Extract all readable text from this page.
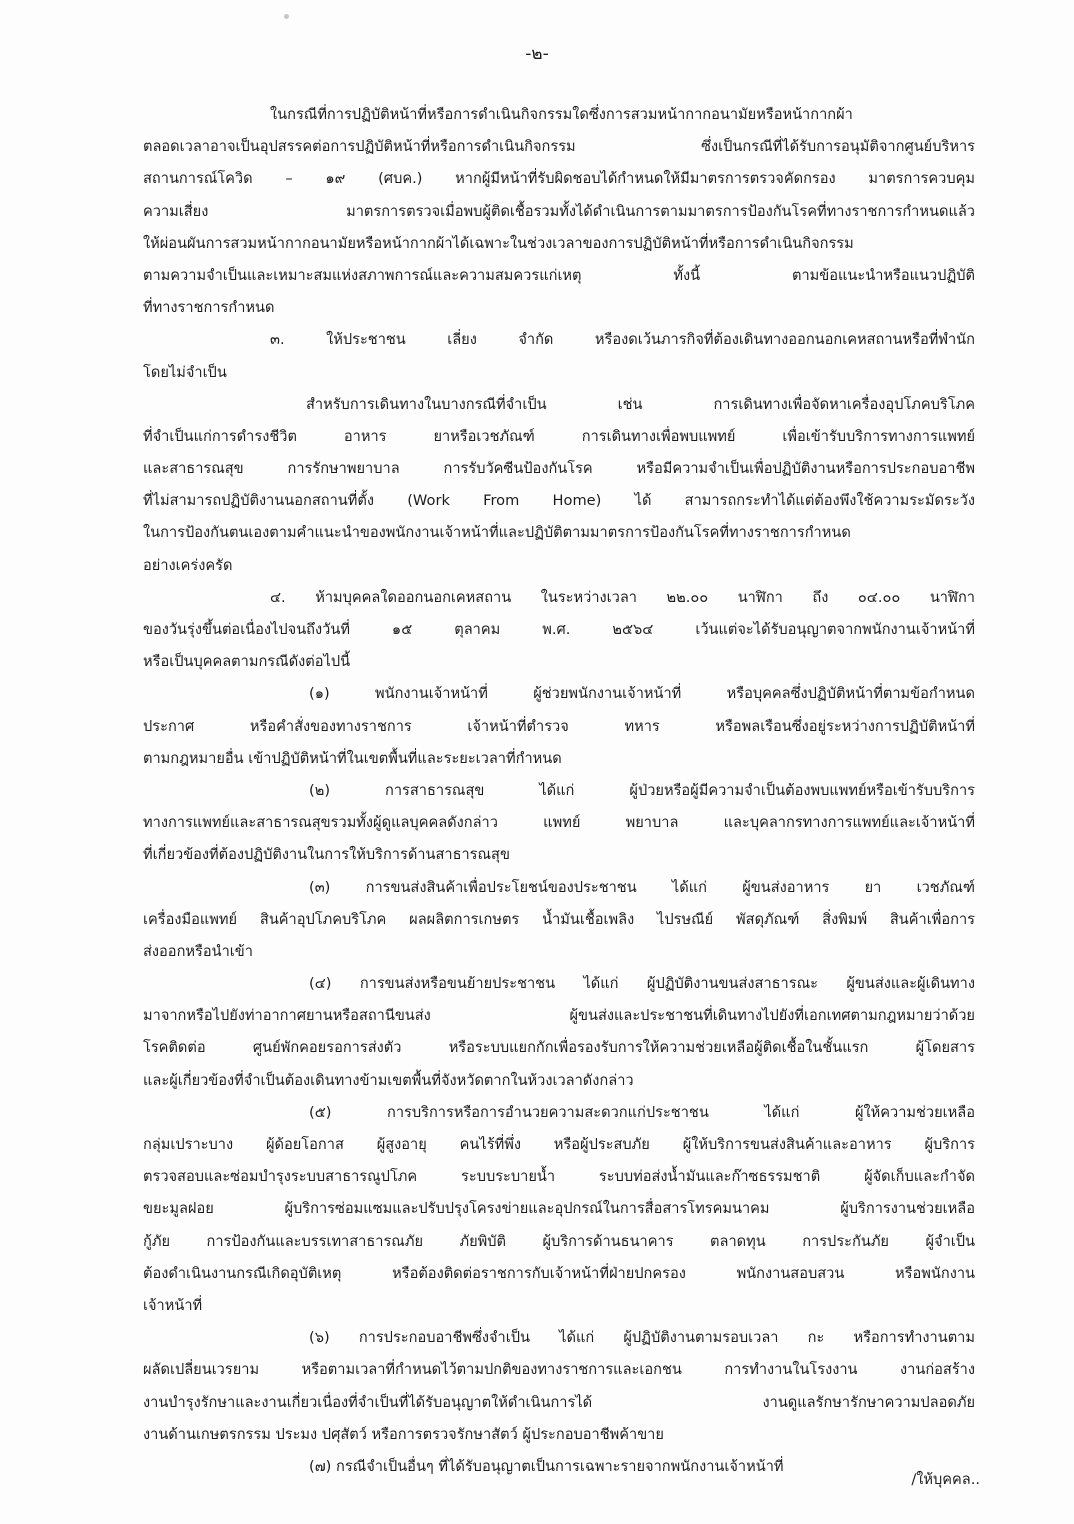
-๒-
ในกรณีที่การปฏิบัติหน้าที่หรือการดำเนินกิจกรรมใดซึ่งการสวมหน้ากากอนามัยหรือหน้ากากผ้า
ตลอดเวลาอาจเป็นอุปสรรคต่อการปฏิบัติหน้าที่หรือการดำเนินกิจกรรม ซึ่งเป็นกรณีที่ได้รับการอนุมัติจากศูนย์บริหาร
สถานการณ์โควิด – ๑๙ (ศบค.) หากผู้มีหน้าที่รับผิดชอบได้กำหนดให้มีมาตรการตรวจคัดกรอง มาตรการควบคุม
ความเสี่ยง มาตรการตรวจเมื่อพบผู้ติดเชื้อรวมทั้งได้ดำเนินการตามมาตรการป้องกันโรคที่ทางราชการกำหนดแล้ว
ให้ผ่อนผันการสวมหน้ากากอนามัยหรือหน้ากากผ้าได้เฉพาะในช่วงเวลาของการปฏิบัติหน้าที่หรือการดำเนินกิจกรรม
ตามความจำเป็นและเหมาะสมแห่งสภาพการณ์และความสมควรแก่เหตุ ทั้งนี้ ตามข้อแนะนำหรือแนวปฏิบัติ
ที่ทางราชการกำหนด
๓. ให้ประชาชน เลี่ยง จำกัด หรืองดเว้นภารกิจที่ต้องเดินทางออกนอกเคหสถานหรือที่พำนัก
โดยไม่จำเป็น
สำหรับการเดินทางในบางกรณีที่จำเป็น เช่น การเดินทางเพื่อจัดหาเครื่องอุปโภคบริโภค
ที่จำเป็นแก่การดำรงชีวิต อาหาร ยาหรือเวชภัณฑ์ การเดินทางเพื่อพบแพทย์ เพื่อเข้ารับบริการทางการแพทย์
และสาธารณสุข การรักษาพยาบาล การรับวัคซีนป้องกันโรค หรือมีความจำเป็นเพื่อปฏิบัติงานหรือการประกอบอาชีพ
ที่ไม่สามารถปฏิบัติงานนอกสถานที่ตั้ง (Work From Home) ได้ สามารถกระทำได้แต่ต้องพึงใช้ความระมัดระวัง
ในการป้องกันตนเองตามคำแนะนำของพนักงานเจ้าหน้าที่และปฏิบัติตามมาตรการป้องกันโรคที่ทางราชการกำหนด
อย่างเคร่งครัด
๔. ห้ามบุคคลใดออกนอกเคหสถาน ในระหว่างเวลา ๒๒.๐๐ นาฬิกา ถึง ๐๔.๐๐ นาฬิกา
ของวันรุ่งขึ้นต่อเนื่องไปจนถึงวันที่ ๑๕ ตุลาคม พ.ศ. ๒๕๖๔ เว้นแต่จะได้รับอนุญาตจากพนักงานเจ้าหน้าที่
หรือเป็นบุคคลตามกรณีดังต่อไปนี้
(๑) พนักงานเจ้าหน้าที่ ผู้ช่วยพนักงานเจ้าหน้าที่ หรือบุคคลซึ่งปฏิบัติหน้าที่ตามข้อกำหนด
ประกาศ หรือคำสั่งของทางราชการ เจ้าหน้าที่ตำรวจ ทหาร หรือพลเรือนซึ่งอยู่ระหว่างการปฏิบัติหน้าที่
ตามกฎหมายอื่น เข้าปฏิบัติหน้าที่ในเขตพื้นที่และระยะเวลาที่กำหนด
(๒) การสาธารณสุข ได้แก่ ผู้ป่วยหรือผู้มีความจำเป็นต้องพบแพทย์หรือเข้ารับบริการ
ทางการแพทย์และสาธารณสุขรวมทั้งผู้ดูแลบุคคลดังกล่าว แพทย์ พยาบาล และบุคลากรทางการแพทย์และเจ้าหน้าที่
ที่เกี่ยวข้องที่ต้องปฏิบัติงานในการให้บริการด้านสาธารณสุข
(๓) การขนส่งสินค้าเพื่อประโยชน์ของประชาชน ได้แก่ ผู้ขนส่งอาหาร ยา เวชภัณฑ์
เครื่องมือแพทย์ สินค้าอุปโภคบริโภค ผลผลิตการเกษตร น้ำมันเชื้อเพลิง ไปรษณีย์ พัสดุภัณฑ์ สิ่งพิมพ์ สินค้าเพื่อการ
ส่งออกหรือนำเข้า
(๔) การขนส่งหรือขนย้ายประชาชน ได้แก่ ผู้ปฏิบัติงานขนส่งสาธารณะ ผู้ขนส่งและผู้เดินทาง
มาจากหรือไปยังท่าอากาศยานหรือสถานีขนส่ง ผู้ขนส่งและประชาชนที่เดินทางไปยังที่เอกเทศตามกฎหมายว่าด้วย
โรคติดต่อ ศูนย์พักคอยรอการส่งตัว หรือระบบแยกกักเพื่อรองรับการให้ความช่วยเหลือผู้ติดเชื้อในชั้นแรก ผู้โดยสาร
และผู้เกี่ยวข้องที่จำเป็นต้องเดินทางข้ามเขตพื้นที่จังหวัดตากในห้วงเวลาดังกล่าว
(๕) การบริการหรือการอำนวยความสะดวกแก่ประชาชน ได้แก่ ผู้ให้ความช่วยเหลือ
กลุ่มเปราะบาง ผู้ด้อยโอกาส ผู้สูงอายุ คนไร้ที่พึ่ง หรือผู้ประสบภัย ผู้ให้บริการขนส่งสินค้าและอาหาร ผู้บริการ
ตรวจสอบและซ่อมบำรุงระบบสาธารณูปโภค ระบบระบายน้ำ ระบบท่อส่งน้ำมันและก๊าซธรรมชาติ ผู้จัดเก็บและกำจัด
ขยะมูลฝอย ผู้บริการซ่อมแซมและปรับปรุงโครงข่ายและอุปกรณ์ในการสื่อสารโทรคมนาคม ผู้บริการงานช่วยเหลือ
กู้ภัย การป้องกันและบรรเทาสาธารณภัย ภัยพิบัติ ผู้บริการด้านธนาคาร ตลาดทุน การประกันภัย ผู้จำเป็น
ต้องดำเนินงานกรณีเกิดอุบัติเหตุ หรือต้องติดต่อราชการกับเจ้าหน้าที่ฝ่ายปกครอง พนักงานสอบสวน หรือพนักงาน
เจ้าหน้าที่
(๖) การประกอบอาชีพซึ่งจำเป็น ได้แก่ ผู้ปฏิบัติงานตามรอบเวลา กะ หรือการทำงานตาม
ผลัดเปลี่ยนเวรยาม หรือตามเวลาที่กำหนดไว้ตามปกติของทางราชการและเอกชน การทำงานในโรงงาน งานก่อสร้าง
งานบำรุงรักษาและงานเกี่ยวเนื่องที่จำเป็นที่ได้รับอนุญาตให้ดำเนินการได้ งานดูแลรักษารักษาความปลอดภัย
งานด้านเกษตรกรรม ประมง ปศุสัตว์ หรือการตรวจรักษาสัตว์ ผู้ประกอบอาชีพค้าขาย
(๗) กรณีจำเป็นอื่นๆ ที่ได้รับอนุญาตเป็นการเฉพาะรายจากพนักงานเจ้าหน้าที่
/ให้บุคคล..
